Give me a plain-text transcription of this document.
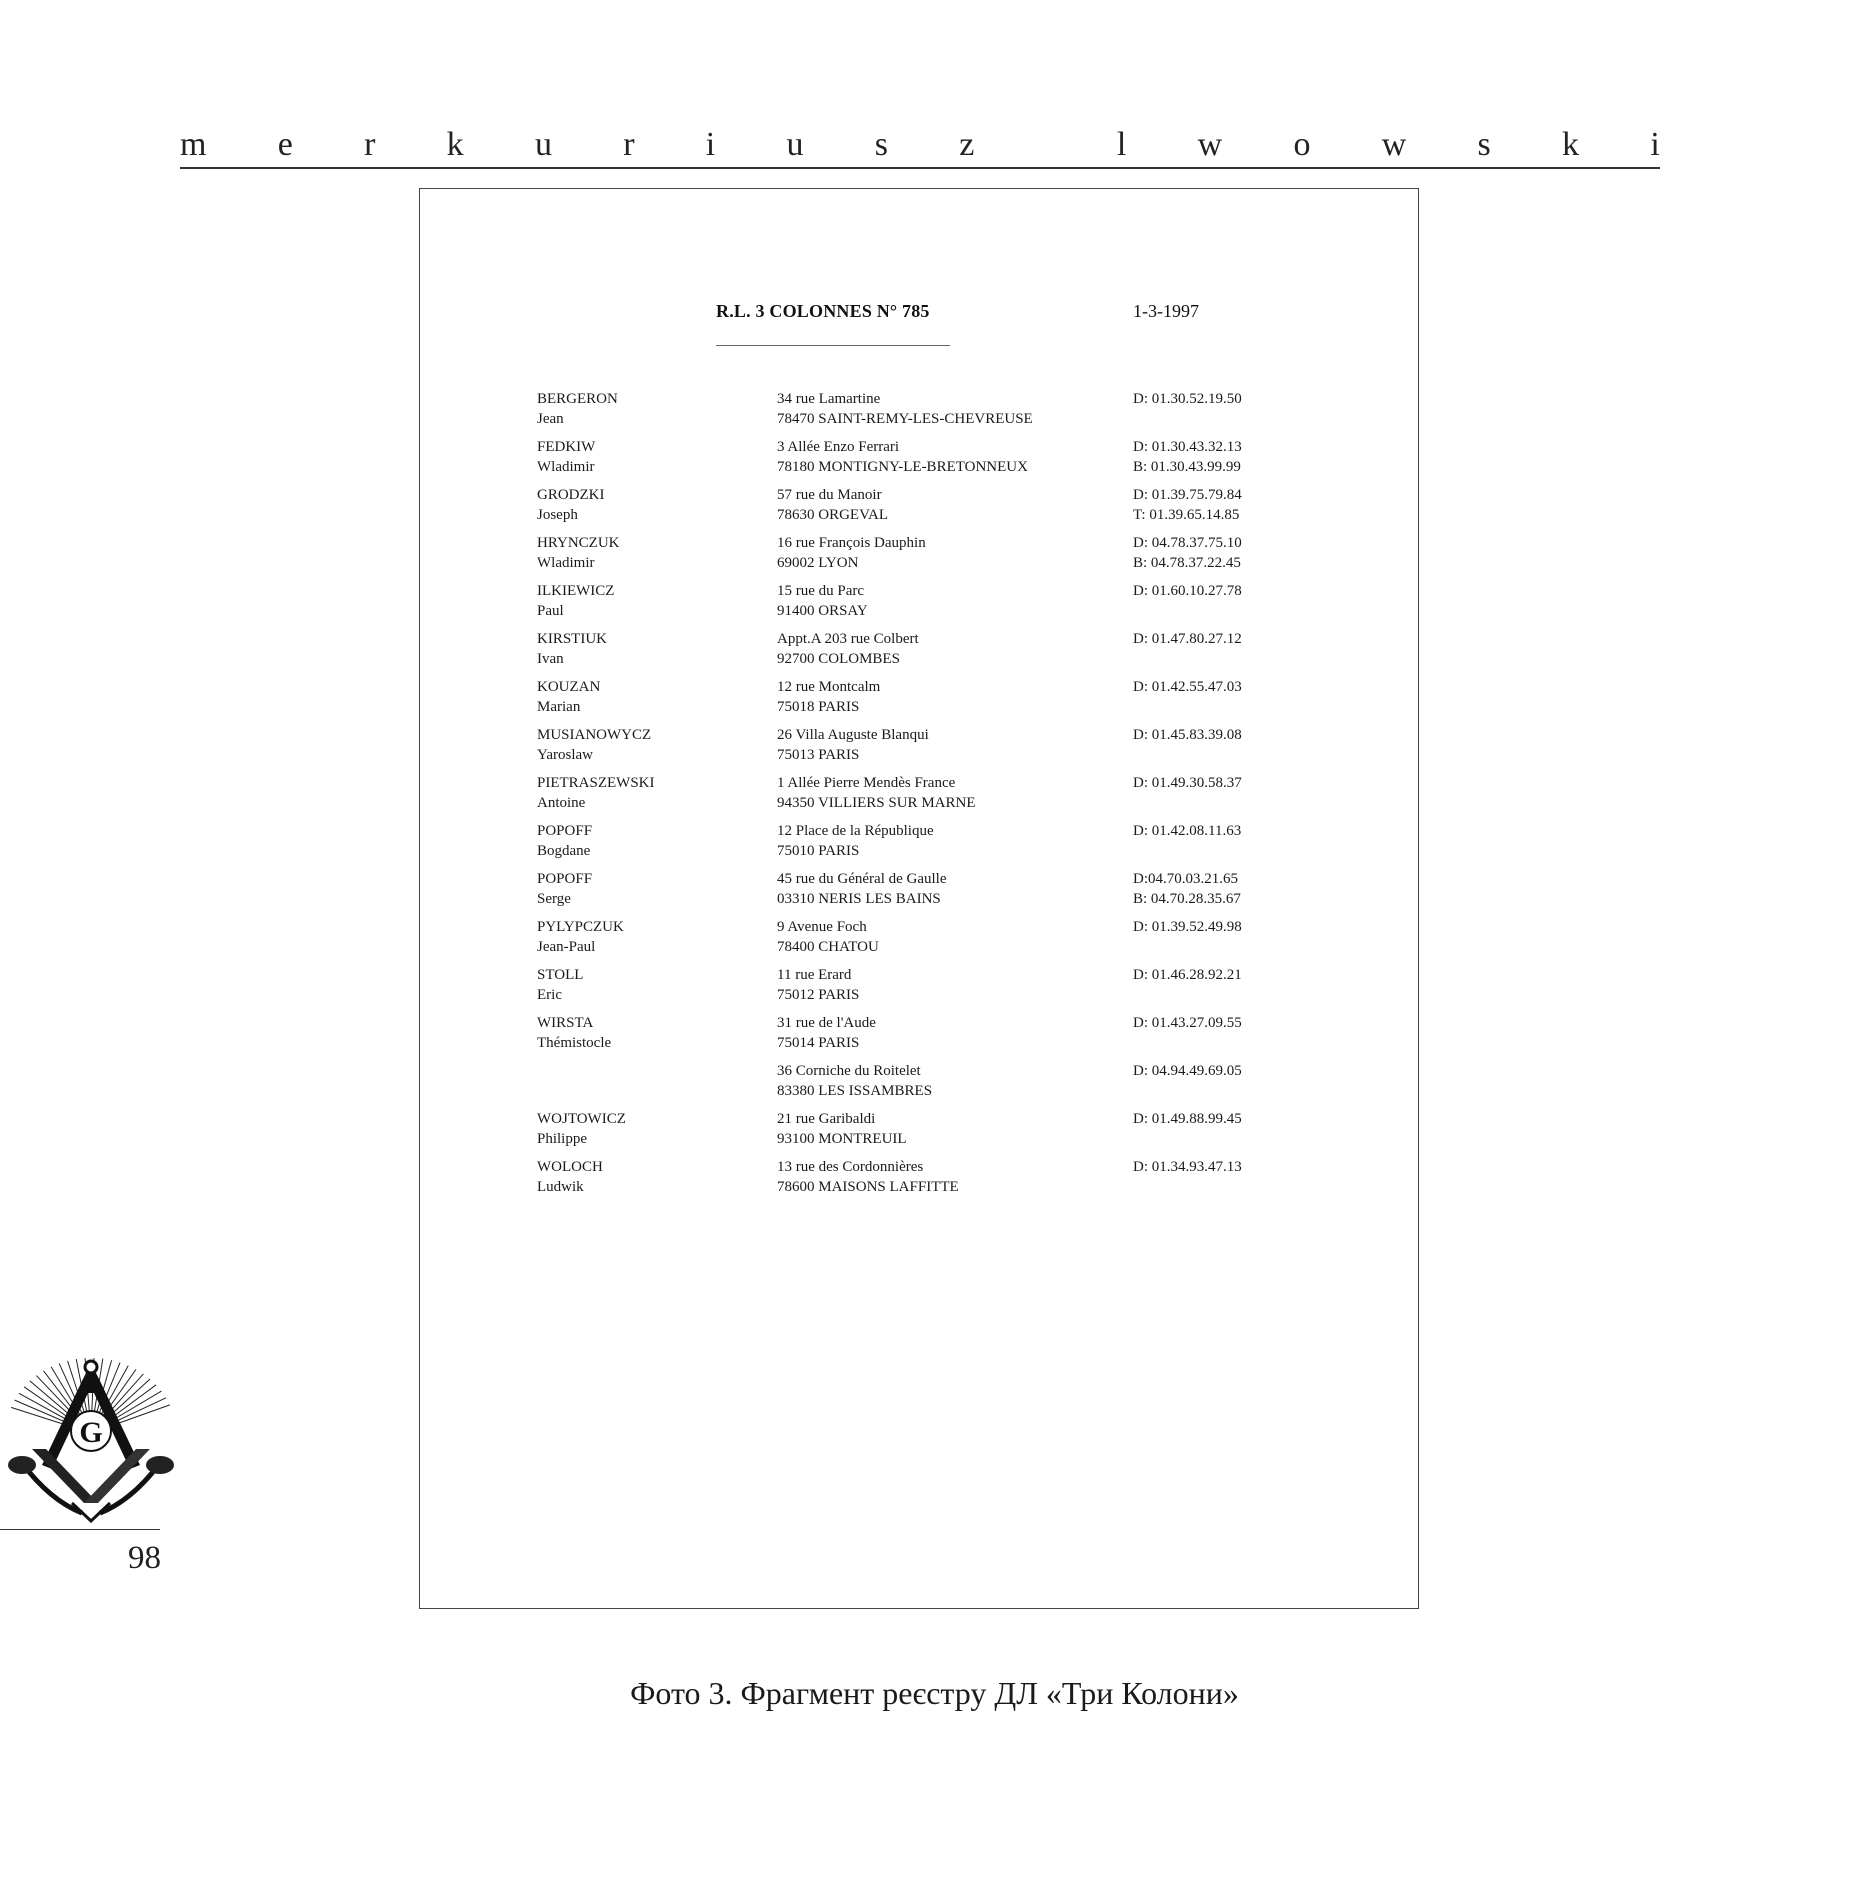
m e r k u r i u s z	l w o w s k i
R.L. 3 COLONNES N° 785	1-3-1997
BERGERON
Jean
34 rue Lamartine
78470 SAINT-REMY-LES-CHEVREUSE
D: 01.30.52.19.50
FEDKIW
Wladimir
3 Allée Enzo Ferrari
78180 MONTIGNY-LE-BRETONNEUX
D: 01.30.43.32.13
B: 01.30.43.99.99
GRODZKI
Joseph
57 rue du Manoir
78630 ORGEVAL
D: 01.39.75.79.84
T: 01.39.65.14.85
HRYNCZUK
Wladimir
16 rue François Dauphin
69002 LYON
D: 04.78.37.75.10
B: 04.78.37.22.45
ILKIEWICZ
Paul
15 rue du Parc
91400 ORSAY
D: 01.60.10.27.78
KIRSTIUK
Ivan
Appt.A 203 rue Colbert
92700 COLOMBES
D: 01.47.80.27.12
KOUZAN
Marian
12 rue Montcalm
75018 PARIS
D: 01.42.55.47.03
MUSIANOWYCZ
Yaroslaw
26 Villa Auguste Blanqui
75013 PARIS
D: 01.45.83.39.08
PIETRASZEWSKI
Antoine
1 Allée Pierre Mendès France
94350 VILLIERS SUR MARNE
D: 01.49.30.58.37
POPOFF
Bogdane
12 Place de la République
75010 PARIS
D: 01.42.08.11.63
POPOFF
Serge
45 rue du Général de Gaulle
03310 NERIS LES BAINS
D:04.70.03.21.65
B: 04.70.28.35.67
PYLYPCZUK
Jean-Paul
9 Avenue Foch
78400 CHATOU
D: 01.39.52.49.98
STOLL
Eric
11 rue Erard
75012 PARIS
D: 01.46.28.92.21
WIRSTA
Thémistocle
31 rue de l'Aude
75014 PARIS
D: 01.43.27.09.55
36 Corniche du Roitelet
83380 LES ISSAMBRES
D: 04.94.49.69.05
WOJTOWICZ
Philippe
21 rue Garibaldi
93100 MONTREUIL
D: 01.49.88.99.45
WOLOCH
Ludwik
13 rue des Cordonnières
78600 MAISONS LAFFITTE
D: 01.34.93.47.13
G
98
Фото 3. Фрагмент реєстру ДЛ «Три Колони»
